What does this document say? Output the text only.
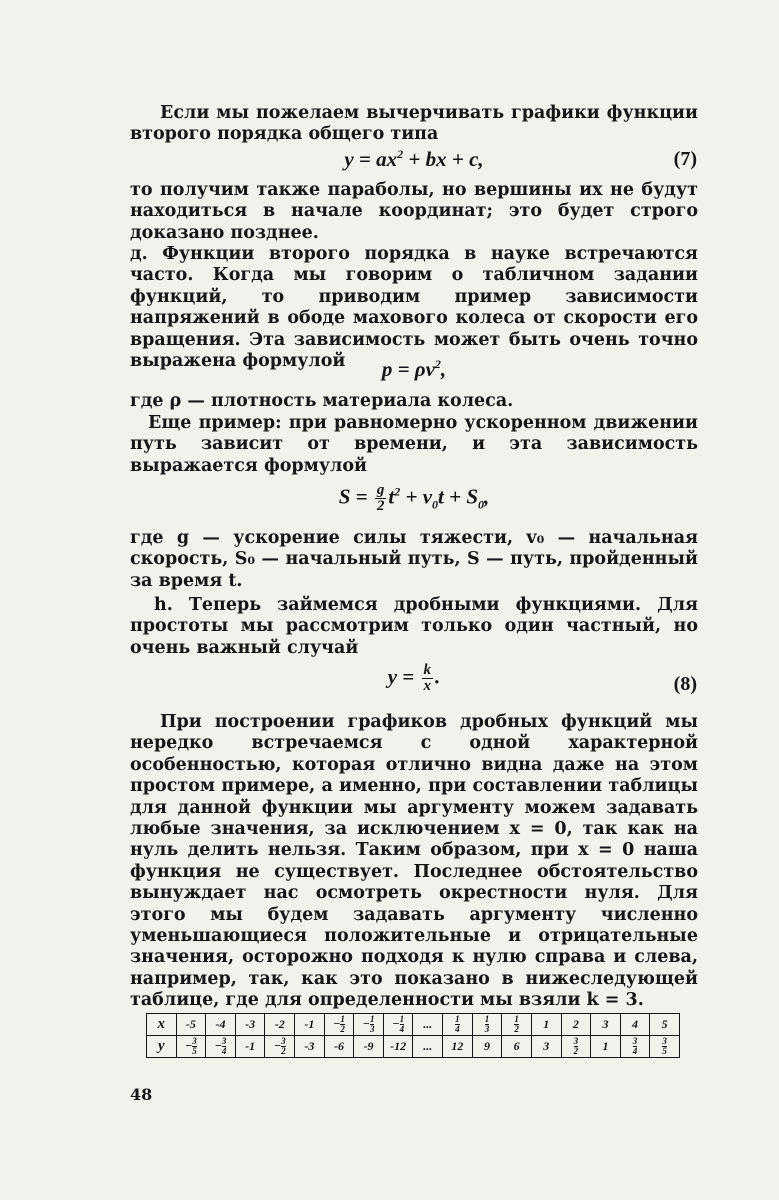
Если мы пожелаем вычерчивать графики функции второго порядка общего типа

$y = ax^2$ + bx + c,	(7)

то получим также параболы, но вершины их не будут находиться в начале координат; это будет строго доказано позднее.

д. Функции второго порядка в науке встречаются часто. Когда мы говорим о табличном задании функций, то приводим пример зависимости напряжений в ободе махового колеса от скорости его вращения. Эта зависимость может быть очень точно выражена формулой	$p = \rho v^2$,

где ρ — плотность материала колеса.

Еще пример: при равномерно ускоренном движении путь зависит от времени, и эта зависимость выражается формулой

$S = \frac{g}{2} t^2 + v_0t + S_0$,

где g — ускорение силы тяжести, v₀ — начальная скорость, S₀ — начальный путь, S — путь, пройденный за время t.

h. Теперь займемся дробными функциями. Для простоты мы рассмотрим только один частный, но очень важный случай

$y = \frac{k}{x}$ .	(8)

При построении графиков дробных функций мы нередко встречаемся с одной характерной особенностью, которая отлично видна даже на этом простом примере, а именно, при составлении таблицы для данной функции мы аргументу можем задавать любые значения, за исключением x = 0, так как на нуль делить нельзя. Таким образом, при x = 0 наша функция не существует. Последнее обстоятельство вынуждает нас осмотреть окрестности нуля. Для этого мы будем задавать аргументу численно уменьшающиеся положительные и отрицательные значения, осторожно подходя к нулю справа и слева, например, так, как это показано в нижеследующей таблице, где для определенности мы взяли k = 3.

x	-5	-4	-3	-2	-1	− $\frac{1}{2}$	− $\frac{1}{3}$	− $\frac{1}{4}$	...	$\frac{1}{4}$	$\frac{1}{3}$	$\frac{1}{2}$	1	2	3	4	5
y	− $\frac{3}{5}$	− $\frac{3}{4}$	-1	− $\frac{3}{2}$	-3	-6	-9	-12	...	12	9	6	3	$\frac{3}{2}$	1	$\frac{3}{4}$	$\frac{3}{5}$
48
